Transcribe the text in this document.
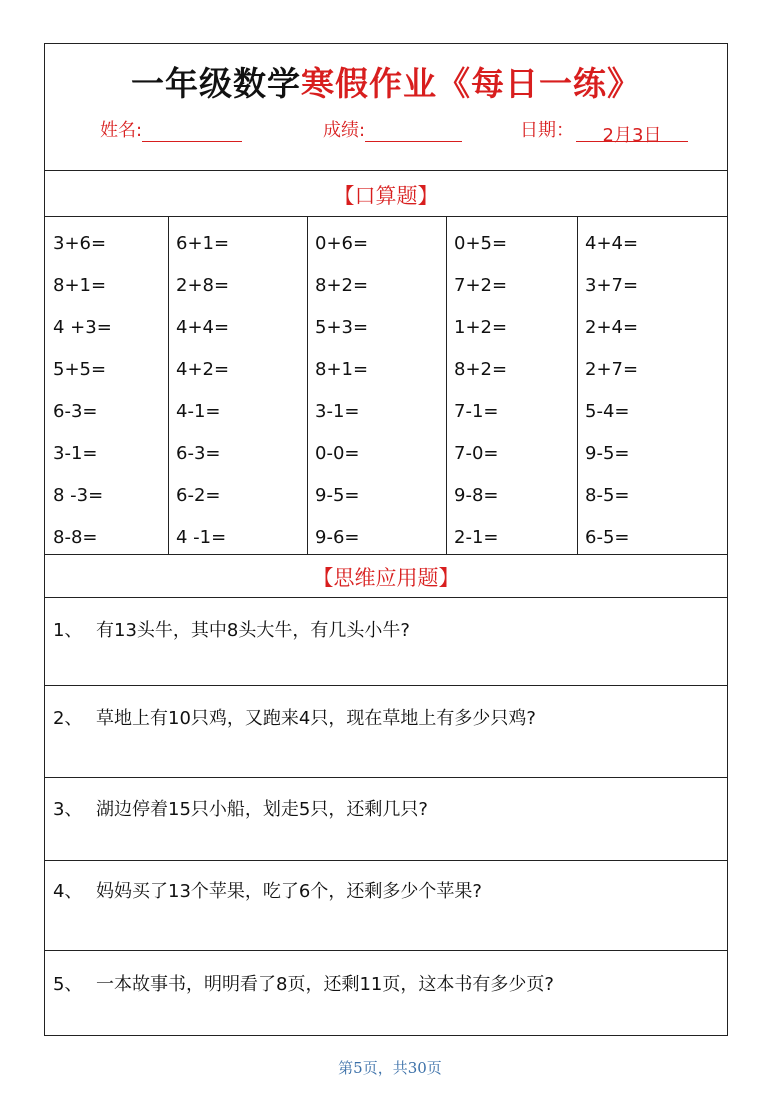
一年级数学寒假作业《每日一练》
姓名:	成绩:	日期： 2月3日
【口算题】
3+6=
8+1=
4 +3=
5+5=
6-3=
3-1=
8 -3=
8-8=
6+1=
2+8=
4+4=
4+2=
4-1=
6-3=
6-2=
4 -1=
0+6=
8+2=
5+3=
8+1=
3-1=
0-0=
9-5=
9-6=
0+5=
7+2=
1+2=
8+2=
7-1=
7-0=
9-8=
2-1=
4+4=
3+7=
2+4=
2+7=
5-4=
9-5=
8-5=
6-5=
【思维应用题】
1、 有13头牛，其中8头大牛，有几头小牛?
2、 草地上有10只鸡，又跑来4只，现在草地上有多少只鸡?
3、 湖边停着15只小船，划走5只，还剩几只?
4、 妈妈买了13个苹果，吃了6个，还剩多少个苹果?
5、 一本故事书，明明看了8页，还剩11页，这本书有多少页?
第5页，共30页
